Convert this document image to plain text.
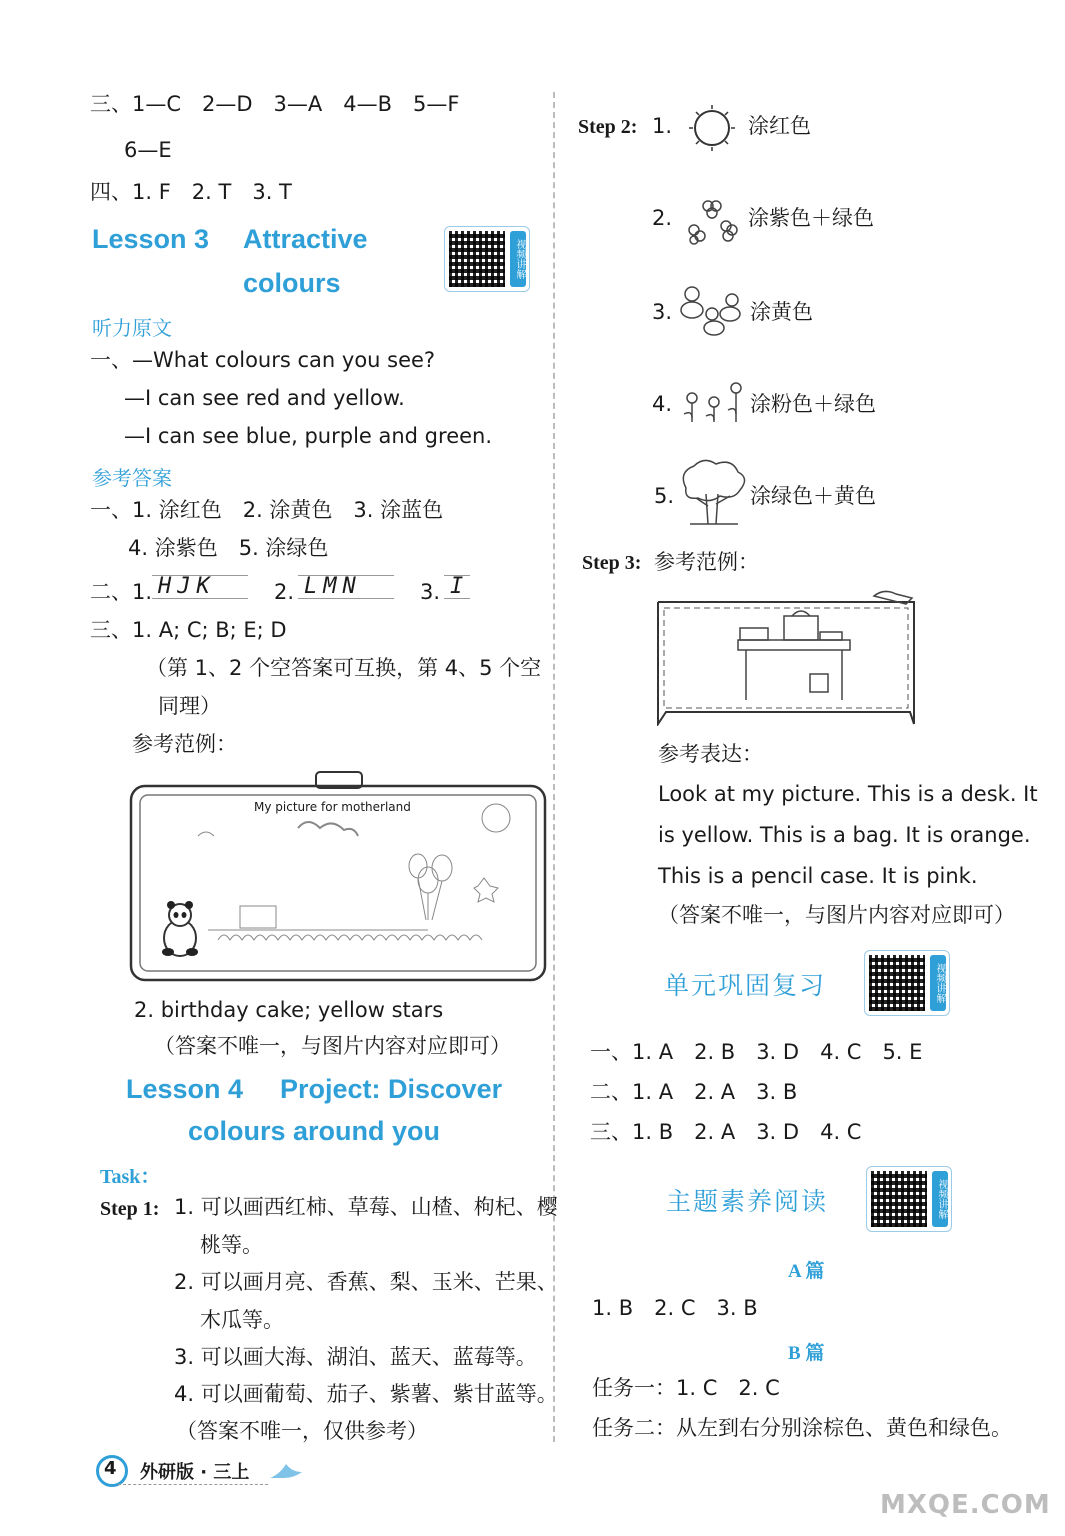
三、1—C　2—D　3—A　4—B　5—F
6—E
四、1. F　2. T　3. T
Lesson 3 Attractive
colours
视频讲解
听力原文
一、—What colours can you see?
—I can see red and yellow.
—I can see blue, purple and green.
参考答案
一、1. 涂红色　2. 涂黄色　3. 涂蓝色
4. 涂紫色　5. 涂绿色
二、1. HJK	2. LMN	3. I
三、1. A; C; B; E; D
（第 1、2 个空答案可互换，第 4、5 个空
同理）
参考范例：
My picture for motherland
2. birthday cake; yellow stars
（答案不唯一，与图片内容对应即可）
Lesson 4 Project: Discover
colours around you
Task：
Step 1: 1. 可以画西红柿、草莓、山楂、枸杞、樱
桃等。
2. 可以画月亮、香蕉、梨、玉米、芒果、
木瓜等。
3. 可以画大海、湖泊、蓝天、蓝莓等。
4. 可以画葡萄、茄子、紫薯、紫甘蓝等。
（答案不唯一，仅供参考）
4 外研版 · 三上
Step 2: 1.	涂红色
2.	涂紫色＋绿色
3.	涂黄色
4.	涂粉色＋绿色
5.	涂绿色＋黄色
Step 3: 参考范例：
参考表达：
Look at my picture. This is a desk. It
is yellow. This is a bag. It is orange.
This is a pencil case. It is pink.
（答案不唯一，与图片内容对应即可）
单元巩固复习	视频讲解
一、1. A　2. B　3. D　4. C　5. E
二、1. A　2. A　3. B
三、1. B　2. A　3. D　4. C
主题素养阅读	视频讲解
A 篇
1. B　2. C　3. B
B 篇
任务一：1. C　2. C
任务二：从左到右分别涂棕色、黄色和绿色。
MXQE.COM
